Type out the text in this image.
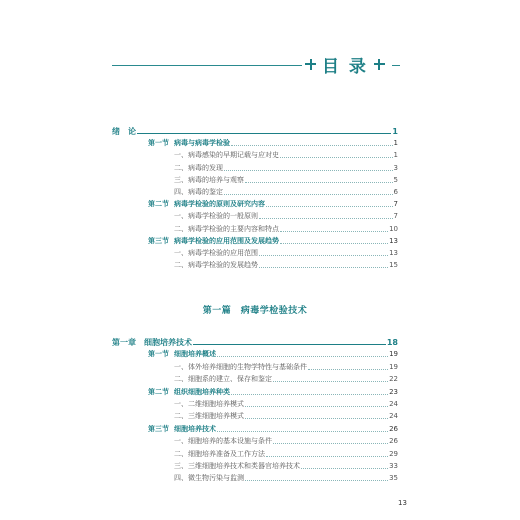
目 录
绪　论	1
第一节 病毒与病毒学检验	1
一、病毒感染的早期记载与应对史	1
二、病毒的发现	3
三、病毒的培养与观察	5
四、病毒的鉴定	6
第二节 病毒学检验的原则及研究内容	7
一、病毒学检验的一般原则	7
二、病毒学检验的主要内容和特点	10
第三节 病毒学检验的应用范围及发展趋势	13
一、病毒学检验的应用范围	13
二、病毒学检验的发展趋势	15
第一篇　病毒学检验技术
第一章　细胞培养技术	18
第一节 细胞培养概述	19
一、体外培养细胞的生物学特性与基础条件	19
二、细胞系的建立、保存和鉴定	22
第二节 组织细胞培养种类	23
一、二维细胞培养模式	24
二、三维细胞培养模式	24
第三节 细胞培养技术	26
一、细胞培养的基本设施与条件	26
二、细胞培养准备及工作方法	29
三、三维细胞培养技术和类器官培养技术	33
四、微生物污染与监测	35
13
